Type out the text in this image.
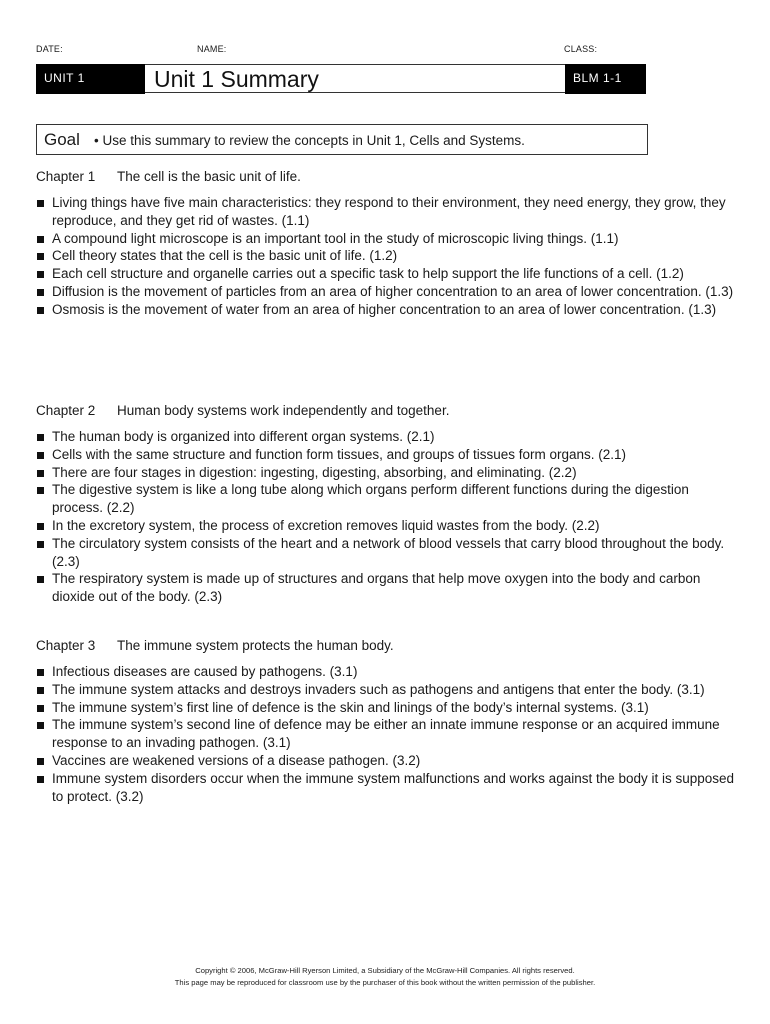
DATE:	NAME:	CLASS:
UNIT 1	Unit 1 Summary	BLM 1-1
Goal • Use this summary to review the concepts in Unit 1, Cells and Systems.
Chapter 1 The cell is the basic unit of life.
Living things have five main characteristics: they respond to their environment, they need energy, they grow, they reproduce, and they get rid of wastes. (1.1)
A compound light microscope is an important tool in the study of microscopic living things. (1.1)
Cell theory states that the cell is the basic unit of life. (1.2)
Each cell structure and organelle carries out a specific task to help support the life functions of a cell. (1.2)
Diffusion is the movement of particles from an area of higher concentration to an area of lower concentration. (1.3)
Osmosis is the movement of water from an area of higher concentration to an area of lower concentration. (1.3)
Chapter 2 Human body systems work independently and together.
The human body is organized into different organ systems. (2.1)
Cells with the same structure and function form tissues, and groups of tissues form organs. (2.1)
There are four stages in digestion: ingesting, digesting, absorbing, and eliminating. (2.2)
The digestive system is like a long tube along which organs perform different functions during the digestion process. (2.2)
In the excretory system, the process of excretion removes liquid wastes from the body. (2.2)
The circulatory system consists of the heart and a network of blood vessels that carry blood throughout the body. (2.3)
The respiratory system is made up of structures and organs that help move oxygen into the body and carbon dioxide out of the body. (2.3)
Chapter 3 The immune system protects the human body.
Infectious diseases are caused by pathogens. (3.1)
The immune system attacks and destroys invaders such as pathogens and antigens that enter the body. (3.1)
The immune system’s first line of defence is the skin and linings of the body’s internal systems. (3.1)
The immune system’s second line of defence may be either an innate immune response or an acquired immune response to an invading pathogen. (3.1)
Vaccines are weakened versions of a disease pathogen. (3.2)
Immune system disorders occur when the immune system malfunctions and works against the body it is supposed to protect. (3.2)
Copyright © 2006, McGraw-Hill Ryerson Limited, a Subsidiary of the McGraw-Hill Companies. All rights reserved.
This page may be reproduced for classroom use by the purchaser of this book without the written permission of the publisher.
